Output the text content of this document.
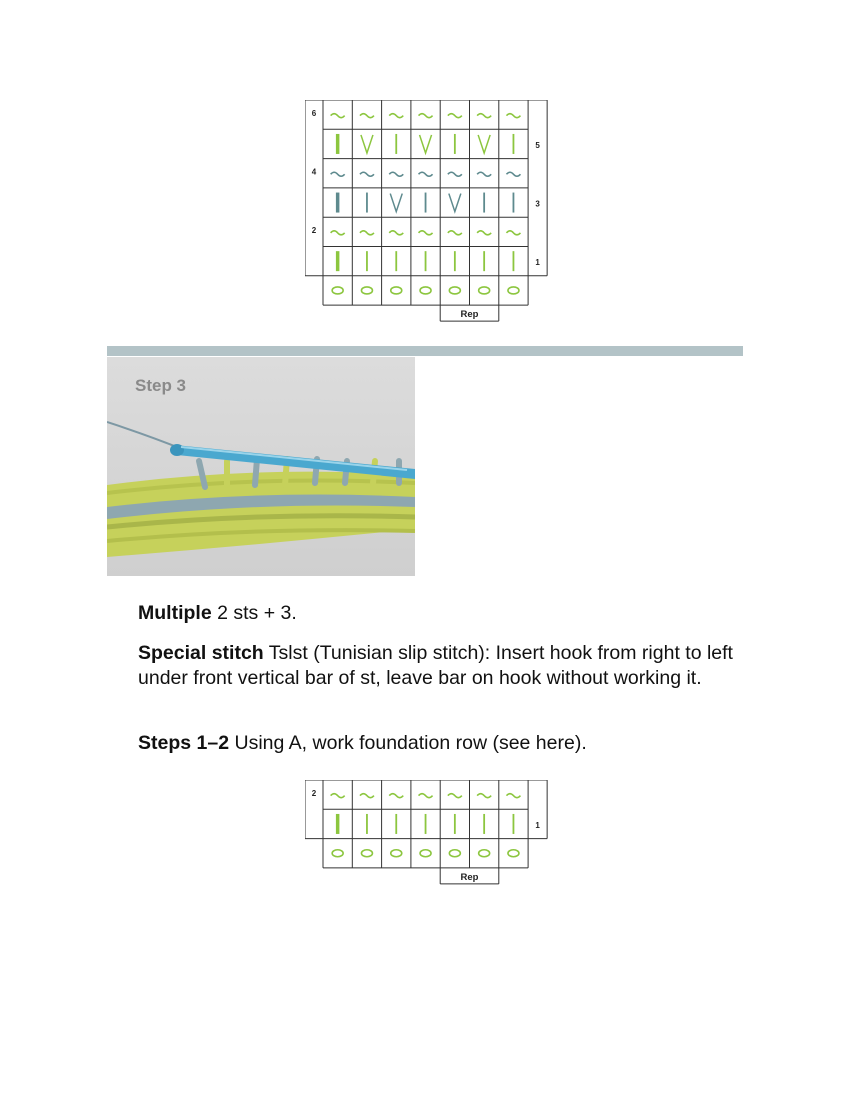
6
4
2
5
3
1
Rep
Step 3
Multiple 2 sts + 3.
Special stitch Tslst (Tunisian slip stitch): Insert hook from right to left under front vertical bar of st, leave bar on hook without working it.
Steps 1–2 Using A, work foundation row (see here).
2
1
Rep
